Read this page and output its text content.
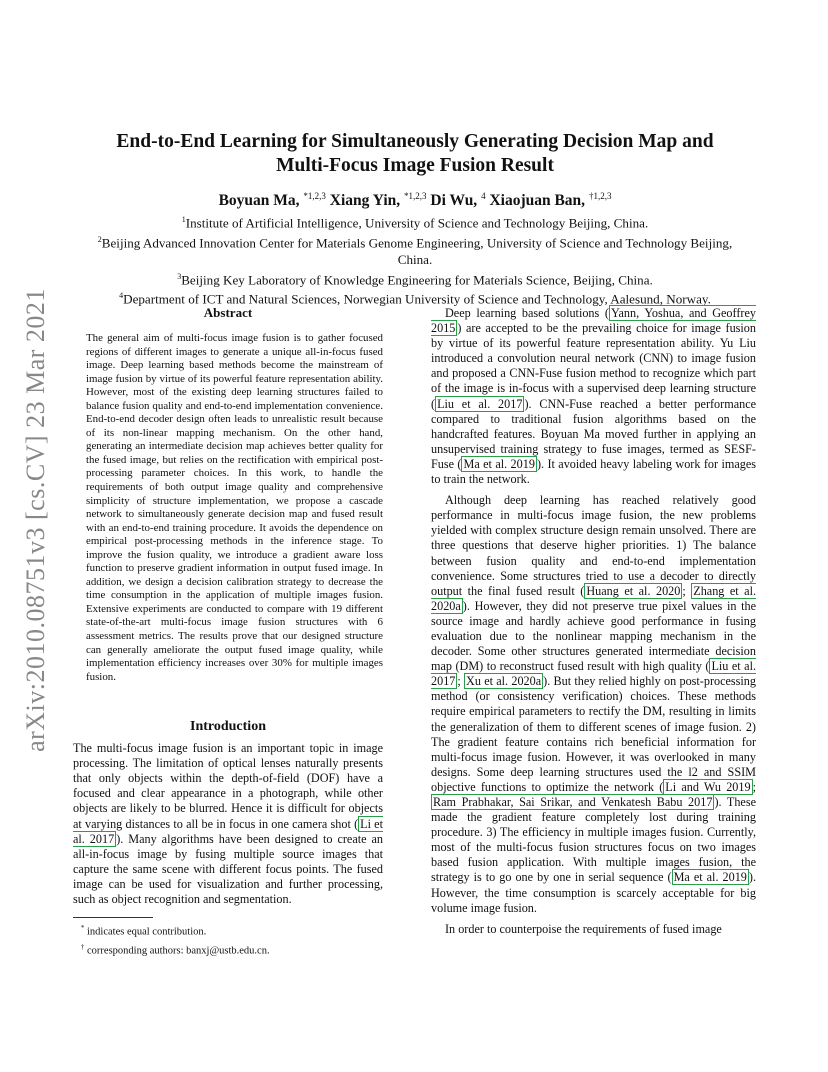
arXiv:2010.08751v3 [cs.CV] 23 Mar 2021
End-to-End Learning for Simultaneously Generating Decision Map and Multi-Focus Image Fusion Result
Boyuan Ma, $^{*1,2,3}$ Xiang Yin, $^{*1,2,3}$ Di Wu, $^4$ Xiaojuan Ban, $^{\dagger 1,2,3}$
$^1$Institute of Artificial Intelligence, University of Science and Technology Beijing, China.
$^2$Beijing Advanced Innovation Center for Materials Genome Engineering, University of Science and Technology Beijing, China.
$^3$Beijing Key Laboratory of Knowledge Engineering for Materials Science, Beijing, China.
$^4$Department of ICT and Natural Sciences, Norwegian University of Science and Technology, Aalesund, Norway.
Abstract
The general aim of multi-focus image fusion is to gather focused regions of different images to generate a unique all-in-focus fused image. Deep learning based methods become the mainstream of image fusion by virtue of its powerful feature representation ability. However, most of the existing deep learning structures failed to balance fusion quality and end-to-end implementation convenience. End-to-end decoder design often leads to unrealistic result because of its non-linear mapping mechanism. On the other hand, generating an intermediate decision map achieves better quality for the fused image, but relies on the rectification with empirical post-processing parameter choices. In this work, to handle the requirements of both output image quality and comprehensive simplicity of structure implementation, we propose a cascade network to simultaneously generate decision map and fused result with an end-to-end training procedure. It avoids the dependence on empirical post-processing methods in the inference stage. To improve the fusion quality, we introduce a gradient aware loss function to preserve gradient information in output fused image. In addition, we design a decision calibration strategy to decrease the time consumption in the application of multiple images fusion. Extensive experiments are conducted to compare with 19 different state-of-the-art multi-focus image fusion structures with 6 assessment metrics. The results prove that our designed structure can generally ameliorate the output fused image quality, while implementation efficiency increases over 30% for multiple images fusion.
Introduction

The multi-focus image fusion is an important topic in image processing. The limitation of optical lenses naturally presents that only objects within the depth-of-field (DOF) have a focused and clear appearance in a photograph, while other objects are likely to be blurred. Hence it is difficult for objects at varying distances to all be in focus in one camera shot ( Li et al. 2017 ). Many algorithms have been designed to create an all-in-focus image by fusing multiple source images that capture the same scene with different focus points. The fused image can be used for visualization and further processing, such as object recognition and segmentation.

* indicates equal contribution.
† corresponding authors: banxj@ustb.edu.cn.

Deep learning based solutions ( Yann, Yoshua, and Geoffrey 2015 ) are accepted to be the prevailing choice for image fusion by virtue of its powerful feature representation ability. Yu Liu introduced a convolution neural network (CNN) to image fusion and proposed a CNN-Fuse fusion method to recognize which part of the image is in-focus with a supervised deep learning structure ( Liu et al. 2017 ). CNN-Fuse reached a better performance compared to traditional fusion algorithms based on the handcrafted features. Boyuan Ma moved further in applying an unsupervised training strategy to fuse images, termed as SESF-Fuse ( Ma et al. 2019 ). It avoided heavy labeling work for images to train the network.

Although deep learning has reached relatively good performance in multi-focus image fusion, the new problems yielded with complex structure design remain unsolved. There are three questions that deserve higher priorities. 1) The balance between fusion quality and end-to-end implementation convenience. Some structures tried to use a decoder to directly output the final fused result ( Huang et al. 2020 ; Zhang et al. 2020a ). However, they did not preserve true pixel values in the source image and hardly achieve good performance in fusing evaluation due to the nonlinear mapping mechanism in the decoder. Some other structures generated intermediate decision map (DM) to reconstruct fused result with high quality ( Liu et al. 2017 ; Xu et al. 2020a ). But they relied highly on post-processing method (or consistency verification) choices. These methods require empirical parameters to rectify the DM, resulting in limits the generalization of them to different scenes of image fusion. 2) The gradient feature contains rich beneficial information for multi-focus image fusion. However, it was overlooked in many designs. Some deep learning structures used the l2 and SSIM objective functions to optimize the network ( Li and Wu 2019 ; Ram Prabhakar, Sai Srikar, and Venkatesh Babu 2017 ). These made the gradient feature completely lost during training procedure. 3) The efficiency in multiple images fusion. Currently, most of the multi-focus fusion structures focus on two images based fusion application. With multiple images fusion, the strategy is to go one by one in serial sequence ( Ma et al. 2019 ). However, the time consumption is scarcely acceptable for big volume image fusion.

In order to counterpoise the requirements of fused image
